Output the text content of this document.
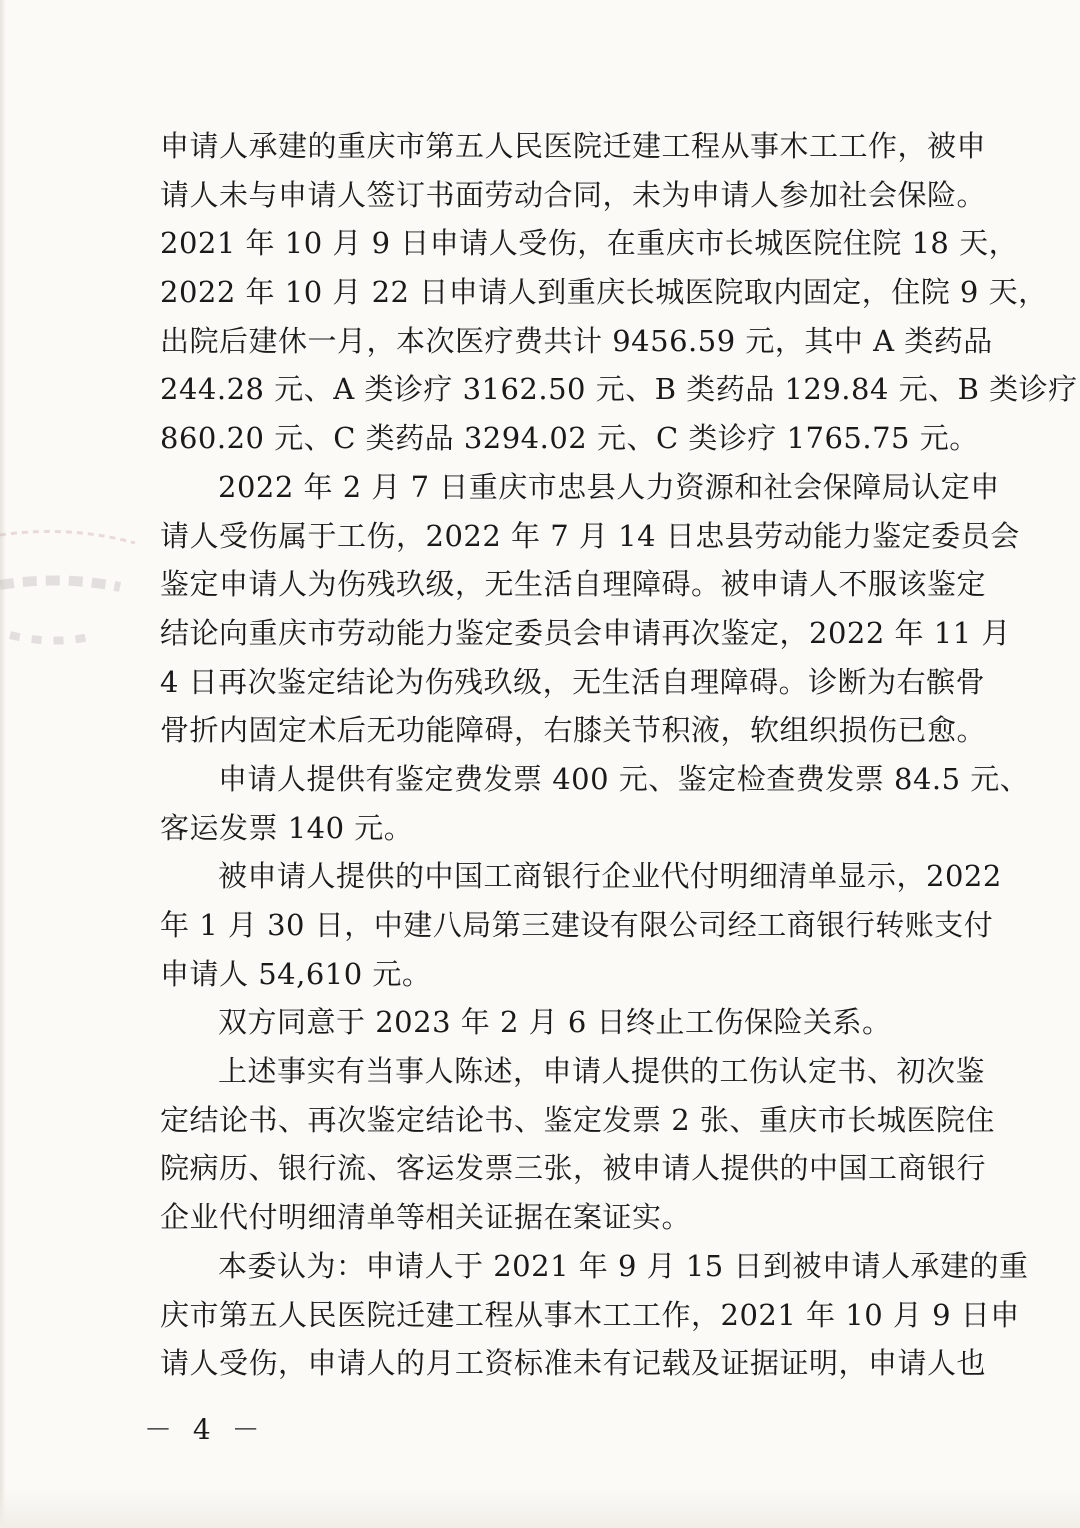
申请人承建的重庆市第五人民医院迁建工程从事木工工作，被申
请人未与申请人签订书面劳动合同，未为申请人参加社会保险。
2021 年 10 月 9 日申请人受伤，在重庆市长城医院住院 18 天，
2022 年 10 月 22 日申请人到重庆长城医院取内固定，住院 9 天，
出院后建休一月，本次医疗费共计 9456.59 元，其中 A 类药品
244.28 元、A 类诊疗 3162.50 元、B 类药品 129.84 元、B 类诊疗
860.20 元、C 类药品 3294.02 元、C 类诊疗 1765.75 元。
2022 年 2 月 7 日重庆市忠县人力资源和社会保障局认定申
请人受伤属于工伤，2022 年 7 月 14 日忠县劳动能力鉴定委员会
鉴定申请人为伤残玖级，无生活自理障碍。被申请人不服该鉴定
结论向重庆市劳动能力鉴定委员会申请再次鉴定，2022 年 11 月
4 日再次鉴定结论为伤残玖级，无生活自理障碍。诊断为右髌骨
骨折内固定术后无功能障碍，右膝关节积液，软组织损伤已愈。
申请人提供有鉴定费发票 400 元、鉴定检查费发票 84.5 元、
客运发票 140 元。
被申请人提供的中国工商银行企业代付明细清单显示，2022
年 1 月 30 日，中建八局第三建设有限公司经工商银行转账支付
申请人 54,610 元。
双方同意于 2023 年 2 月 6 日终止工伤保险关系。
上述事实有当事人陈述，申请人提供的工伤认定书、初次鉴
定结论书、再次鉴定结论书、鉴定发票 2 张、重庆市长城医院住
院病历、银行流、客运发票三张，被申请人提供的中国工商银行
企业代付明细清单等相关证据在案证实。
本委认为：申请人于 2021 年 9 月 15 日到被申请人承建的重
庆市第五人民医院迁建工程从事木工工作，2021 年 10 月 9 日申
请人受伤，申请人的月工资标准未有记载及证据证明，申请人也
－ 4 －
